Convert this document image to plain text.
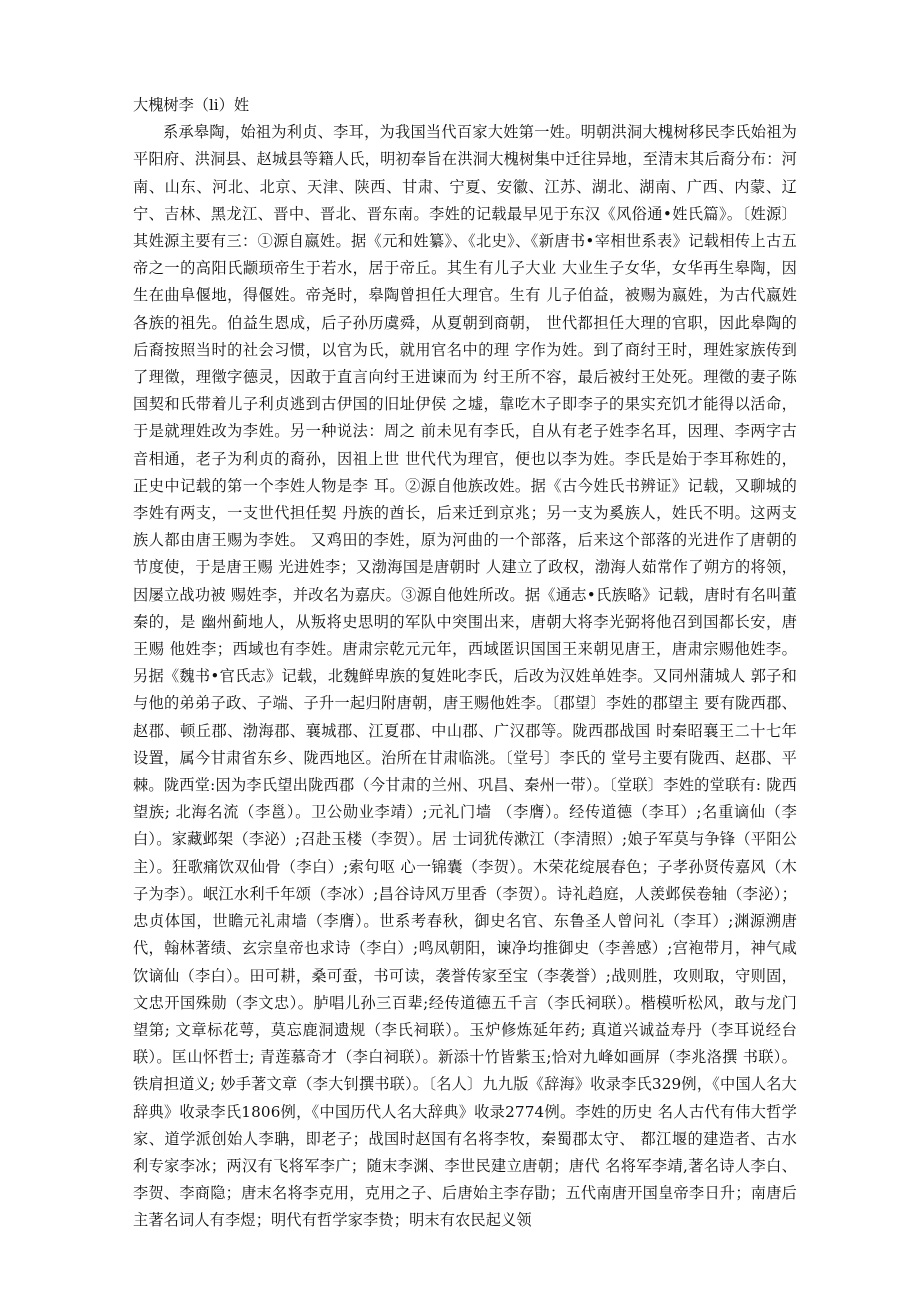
大槐树李（li）姓

系承皋陶，始祖为利贞、李耳，为我国当代百家大姓第一姓。明朝洪洞大槐树移民李氏始祖为平阳府、洪洞县、赵城县等籍人氏，明初奉旨在洪洞大槐树集中迁往异地，至清末其后裔分布：河南、山东、河北、北京、天津、陕西、甘肃、宁夏、安徽、江苏、湖北、湖南、广西、内蒙、辽宁、吉林、黑龙江、晋中、晋北、晋东南。李姓的记载最早见于东汉《风俗通•姓氏篇》。〔姓源〕其姓源主要有三：①源自嬴姓。据《元和姓纂》、《北史》、《新唐书•宰相世系表》记载相传上古五帝之一的高阳氏颛顼帝生于若水，居于帝丘。其生有儿子大业 大业生子女华，女华再生皋陶，因生在曲阜偃地，得偃姓。帝尧时，皋陶曾担任大理官。生有 儿子伯益，被赐为嬴姓，为古代嬴姓各族的祖先。伯益生恩成，后子孙历虞舜，从夏朝到商朝， 世代都担任大理的官职，因此皋陶的后裔按照当时的社会习惯，以官为氏，就用官名中的理 字作为姓。到了商纣王时，理姓家族传到了理徵，理徵字德灵，因敢于直言向纣王进谏而为 纣王所不容，最后被纣王处死。理徵的妻子陈国契和氏带着儿子利贞逃到古伊国的旧址伊侯 之墟，靠吃木子即李子的果实充饥才能得以活命，于是就理姓改为李姓。另一种说法：周之 前未见有李氏，自从有老子姓李名耳，因理、李两字古音相通，老子为利贞的裔孙，因祖上世 世代代为理官，便也以李为姓。李氏是始于李耳称姓的，正史中记载的第一个李姓人物是李 耳。②源自他族改姓。据《古今姓氏书辨证》记载，又聊城的李姓有两支，一支世代担任契 丹族的酋长，后来迁到京兆；另一支为奚族人，姓氏不明。这两支族人都由唐王赐为李姓。 又鸡田的李姓，原为河曲的一个部落，后来这个部落的光进作了唐朝的节度使，于是唐王赐 光进姓李；又渤海国是唐朝时 人建立了政权，渤海人茹常作了朔方的将领，因屡立战功被 赐姓李，并改名为嘉庆。③源自他姓所改。据《通志•氏族略》记载，唐时有名叫董秦的，是 幽州蓟地人，从叛将史思明的军队中突围出来，唐朝大将李光弼将他召到国都长安，唐王赐 他姓李；西域也有李姓。唐肃宗乾元元年，西域匿识国国王来朝见唐王，唐肃宗赐他姓李。 另据《魏书•官氏志》记载，北魏鲜卑族的复姓叱李氏，后改为汉姓单姓李。又同州蒲城人 郭子和与他的弟弟子政、子端、子升一起归附唐朝，唐王赐他姓李。〔郡望〕李姓的郡望主 要有陇西郡、赵郡、顿丘郡、渤海郡、襄城郡、江夏郡、中山郡、广汉郡等。陇西郡战国 时秦昭襄王二十七年设置，属今甘肃省东乡、陇西地区。治所在甘肃临洮。〔堂号〕李氏的 堂号主要有陇西、赵郡、平棘。陇西堂:因为李氏望出陇西郡（今甘肃的兰州、巩昌、秦州一带）。〔堂联〕李姓的堂联有: 陇西望族; 北海名流（李邕）。卫公勋业李靖）;元礼门墙 （李膺）。经传道德（李耳）;名重谪仙（李白）。家藏邺架（李泌）;召赴玉楼（李贺）。居 士词犹传漱江（李清照）;娘子军莫与争锋（平阳公主）。狂歌痛饮双仙骨（李白）;索句呕 心一锦囊（李贺）。木荣花绽展春色；子孝孙贤传嘉风（木子为李）。岷江水利千年颂（李冰）;昌谷诗风万里香（李贺）。诗礼趋庭，人羡邺侯卷轴（李泌）；忠贞体国，世瞻元礼肃墙（李膺）。世系考春秋，御史名官、东鲁圣人曾问礼（李耳）;渊源溯唐代，翰林著绩、玄宗皇帝也求诗（李白）;鸣凤朝阳，谏净均推御史（李善感）;宫袍带月，神气咸饮谪仙（李白）。田可耕，桑可蚕，书可读，袭誉传家至宝（李袭誉）;战则胜，攻则取，守则固，文忠开国殊勋（李文忠）。胪唱儿孙三百辈;经传道德五千言（李氏祠联）。楷模听松风，敢与龙门望第; 文章标花萼，莫忘鹿洞遗规（李氏祠联）。玉炉修炼延年药; 真道兴诚益寿丹（李耳说经台 联）。匡山怀哲士; 青莲慕奇才（李白祠联）。新添十竹皆紫玉;恰对九峰如画屏（李兆洛撰 书联）。铁肩担道义; 妙手著文章（李大钊撰书联）。〔名人〕九九版《辞海》收录李氏329例，《中国人名大辞典》收录李氏1806例，《中国历代人名大辞典》收录2774例。李姓的历史 名人古代有伟大哲学家、道学派创始人李聃，即老子；战国时赵国有名将李牧，秦蜀郡太守、 都江堰的建造者、古水利专家李冰；两汉有飞将军李广；随末李渊、李世民建立唐朝；唐代 名将军李靖,著名诗人李白、李贺、李商隐；唐末名将李克用，克用之子、后唐始主李存勖；五代南唐开国皇帝李日升；南唐后主著名词人有李煜；明代有哲学家李贽；明末有农民起义领
